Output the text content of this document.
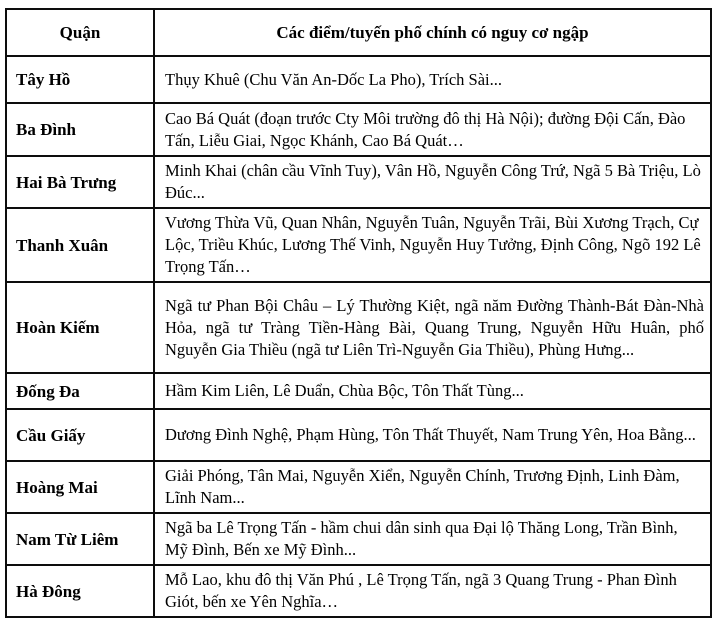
Quận	Các điểm/tuyến phố chính có nguy cơ ngập
Tây Hồ	Thụy Khuê (Chu Văn An-Dốc La Pho), Trích Sài...
Ba Đình	Cao Bá Quát (đoạn trước Cty Môi trường đô thị Hà Nội); đường Đội Cấn, Đào Tấn, Liễu Giai, Ngọc Khánh, Cao Bá Quát…
Hai Bà Trưng	Minh Khai (chân cầu Vĩnh Tuy), Vân Hồ, Nguyễn Công Trứ, Ngã 5 Bà Triệu, Lò Đúc...
Thanh Xuân	Vương Thừa Vũ, Quan Nhân, Nguyễn Tuân, Nguyễn Trãi, Bùi Xương Trạch, Cự Lộc, Triều Khúc, Lương Thế Vinh, Nguyễn Huy Tưởng, Định Công, Ngõ 192 Lê Trọng Tấn…
Hoàn Kiếm	Ngã tư Phan Bội Châu – Lý Thường Kiệt, ngã năm Đường Thành-Bát Đàn-Nhà Hỏa, ngã tư Tràng Tiền-Hàng Bài, Quang Trung, Nguyễn Hữu Huân, phố Nguyễn Gia Thiều (ngã tư Liên Trì-Nguyễn Gia Thiều), Phùng Hưng...
Đống Đa	Hầm Kim Liên, Lê Duẩn, Chùa Bộc, Tôn Thất Tùng...
Cầu Giấy	Dương Đình Nghệ, Phạm Hùng, Tôn Thất Thuyết, Nam Trung Yên, Hoa Bằng...
Hoàng Mai	Giải Phóng, Tân Mai, Nguyễn Xiển, Nguyễn Chính, Trương Định, Linh Đàm, Lĩnh Nam...
Nam Từ Liêm	Ngã ba Lê Trọng Tấn - hầm chui dân sinh qua Đại lộ Thăng Long, Trần Bình, Mỹ Đình, Bến xe Mỹ Đình...
Hà Đông	Mỗ Lao, khu đô thị Văn Phú , Lê Trọng Tấn, ngã 3 Quang Trung - Phan Đình Giót, bến xe Yên Nghĩa…
